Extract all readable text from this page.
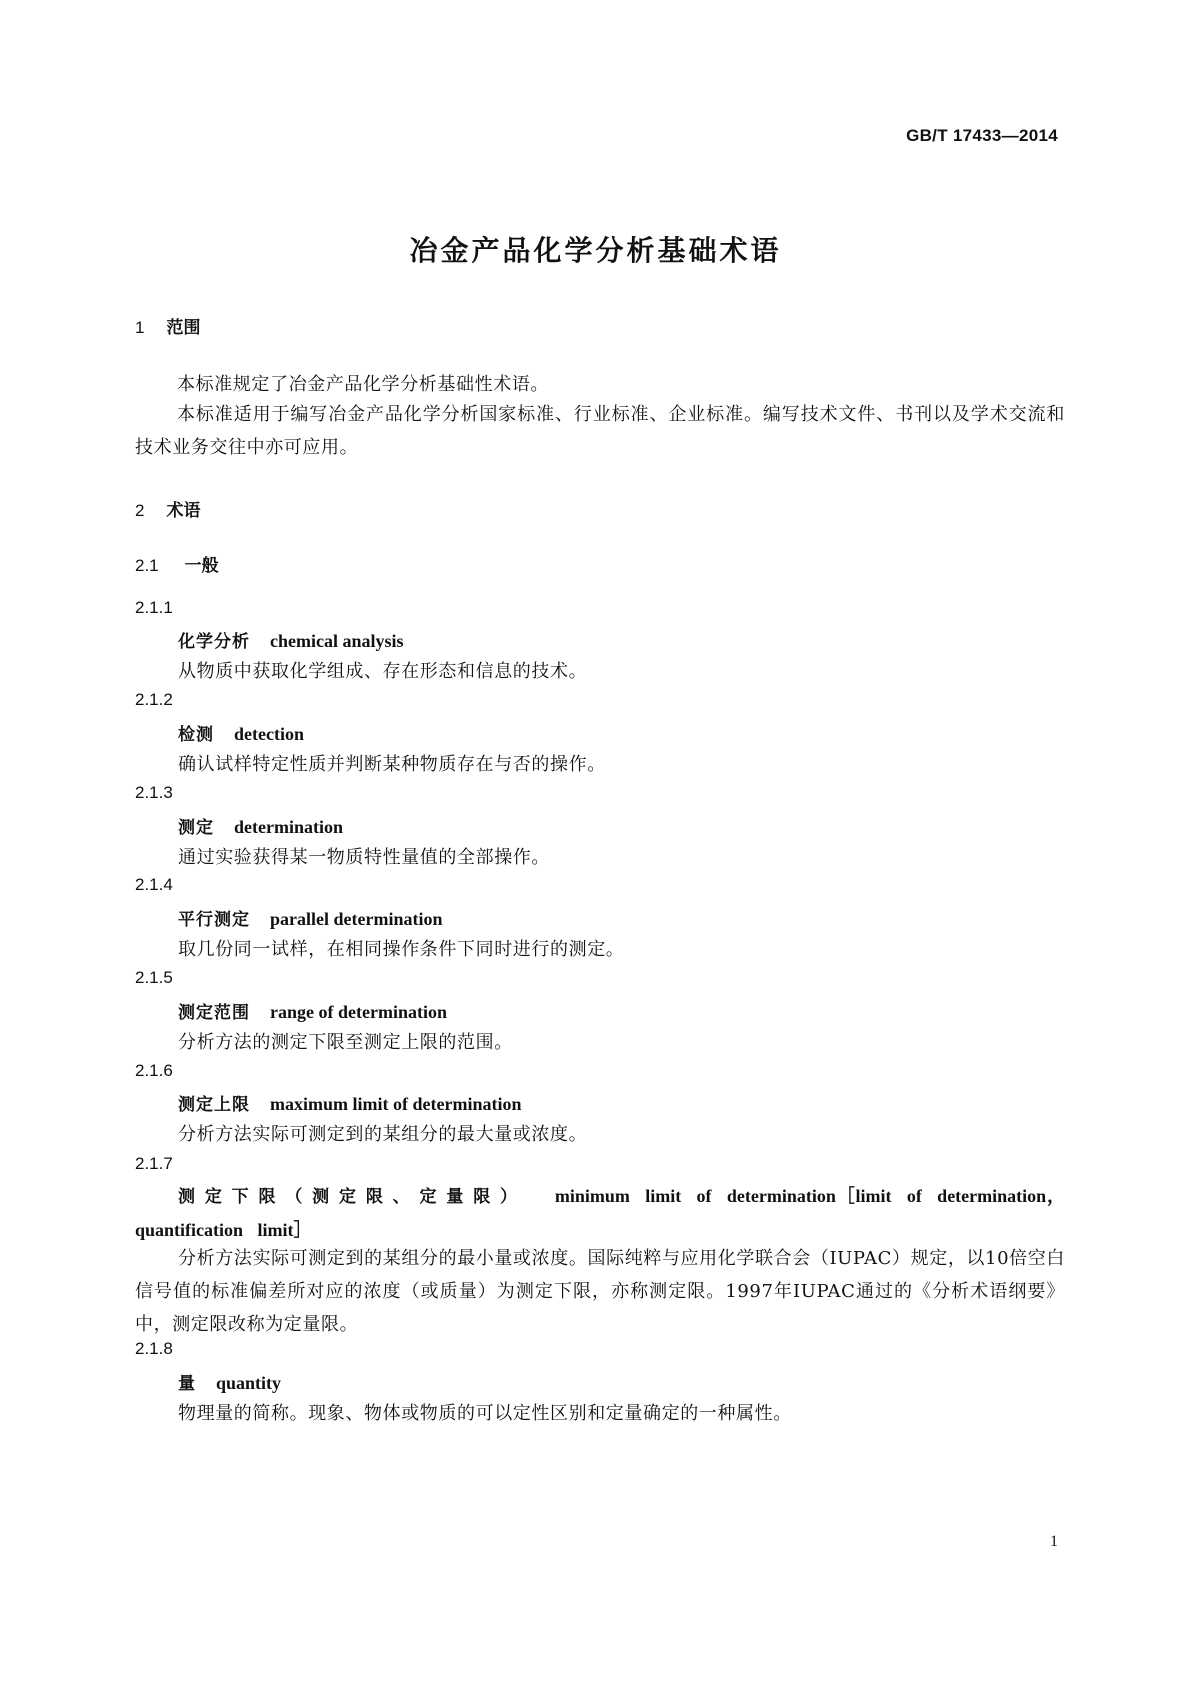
GB/T 17433—2014
冶金产品化学分析基础术语
1 范围
本标准规定了冶金产品化学分析基础性术语。
本标准适用于编写冶金产品化学分析国家标准、行业标准、企业标准。编写技术文件、书刊以及学术交流和技术业务交往中亦可应用。
2 术语
2.1 一般
2.1.1
化学分析 chemical analysis
从物质中获取化学组成、存在形态和信息的技术。
2.1.2
检测 detection
确认试样特定性质并判断某种物质存在与否的操作。
2.1.3
测定 determination
通过实验获得某一物质特性量值的全部操作。
2.1.4
平行测定 parallel determination
取几份同一试样，在相同操作条件下同时进行的测定。
2.1.5
测定范围 range of determination
分析方法的测定下限至测定上限的范围。
2.1.6
测定上限 maximum limit of determination
分析方法实际可测定到的某组分的最大量或浓度。
2.1.7
测定下限（测定限、定量限） minimum limit of determination［limit of determination，quantification limit］
分析方法实际可测定到的某组分的最小量或浓度。国际纯粹与应用化学联合会（IUPAC）规定，以10倍空白信号值的标准偏差所对应的浓度（或质量）为测定下限，亦称测定限。1997年IUPAC通过的《分析术语纲要》中，测定限改称为定量限。
2.1.8
量 quantity
物理量的简称。现象、物体或物质的可以定性区别和定量确定的一种属性。
1
